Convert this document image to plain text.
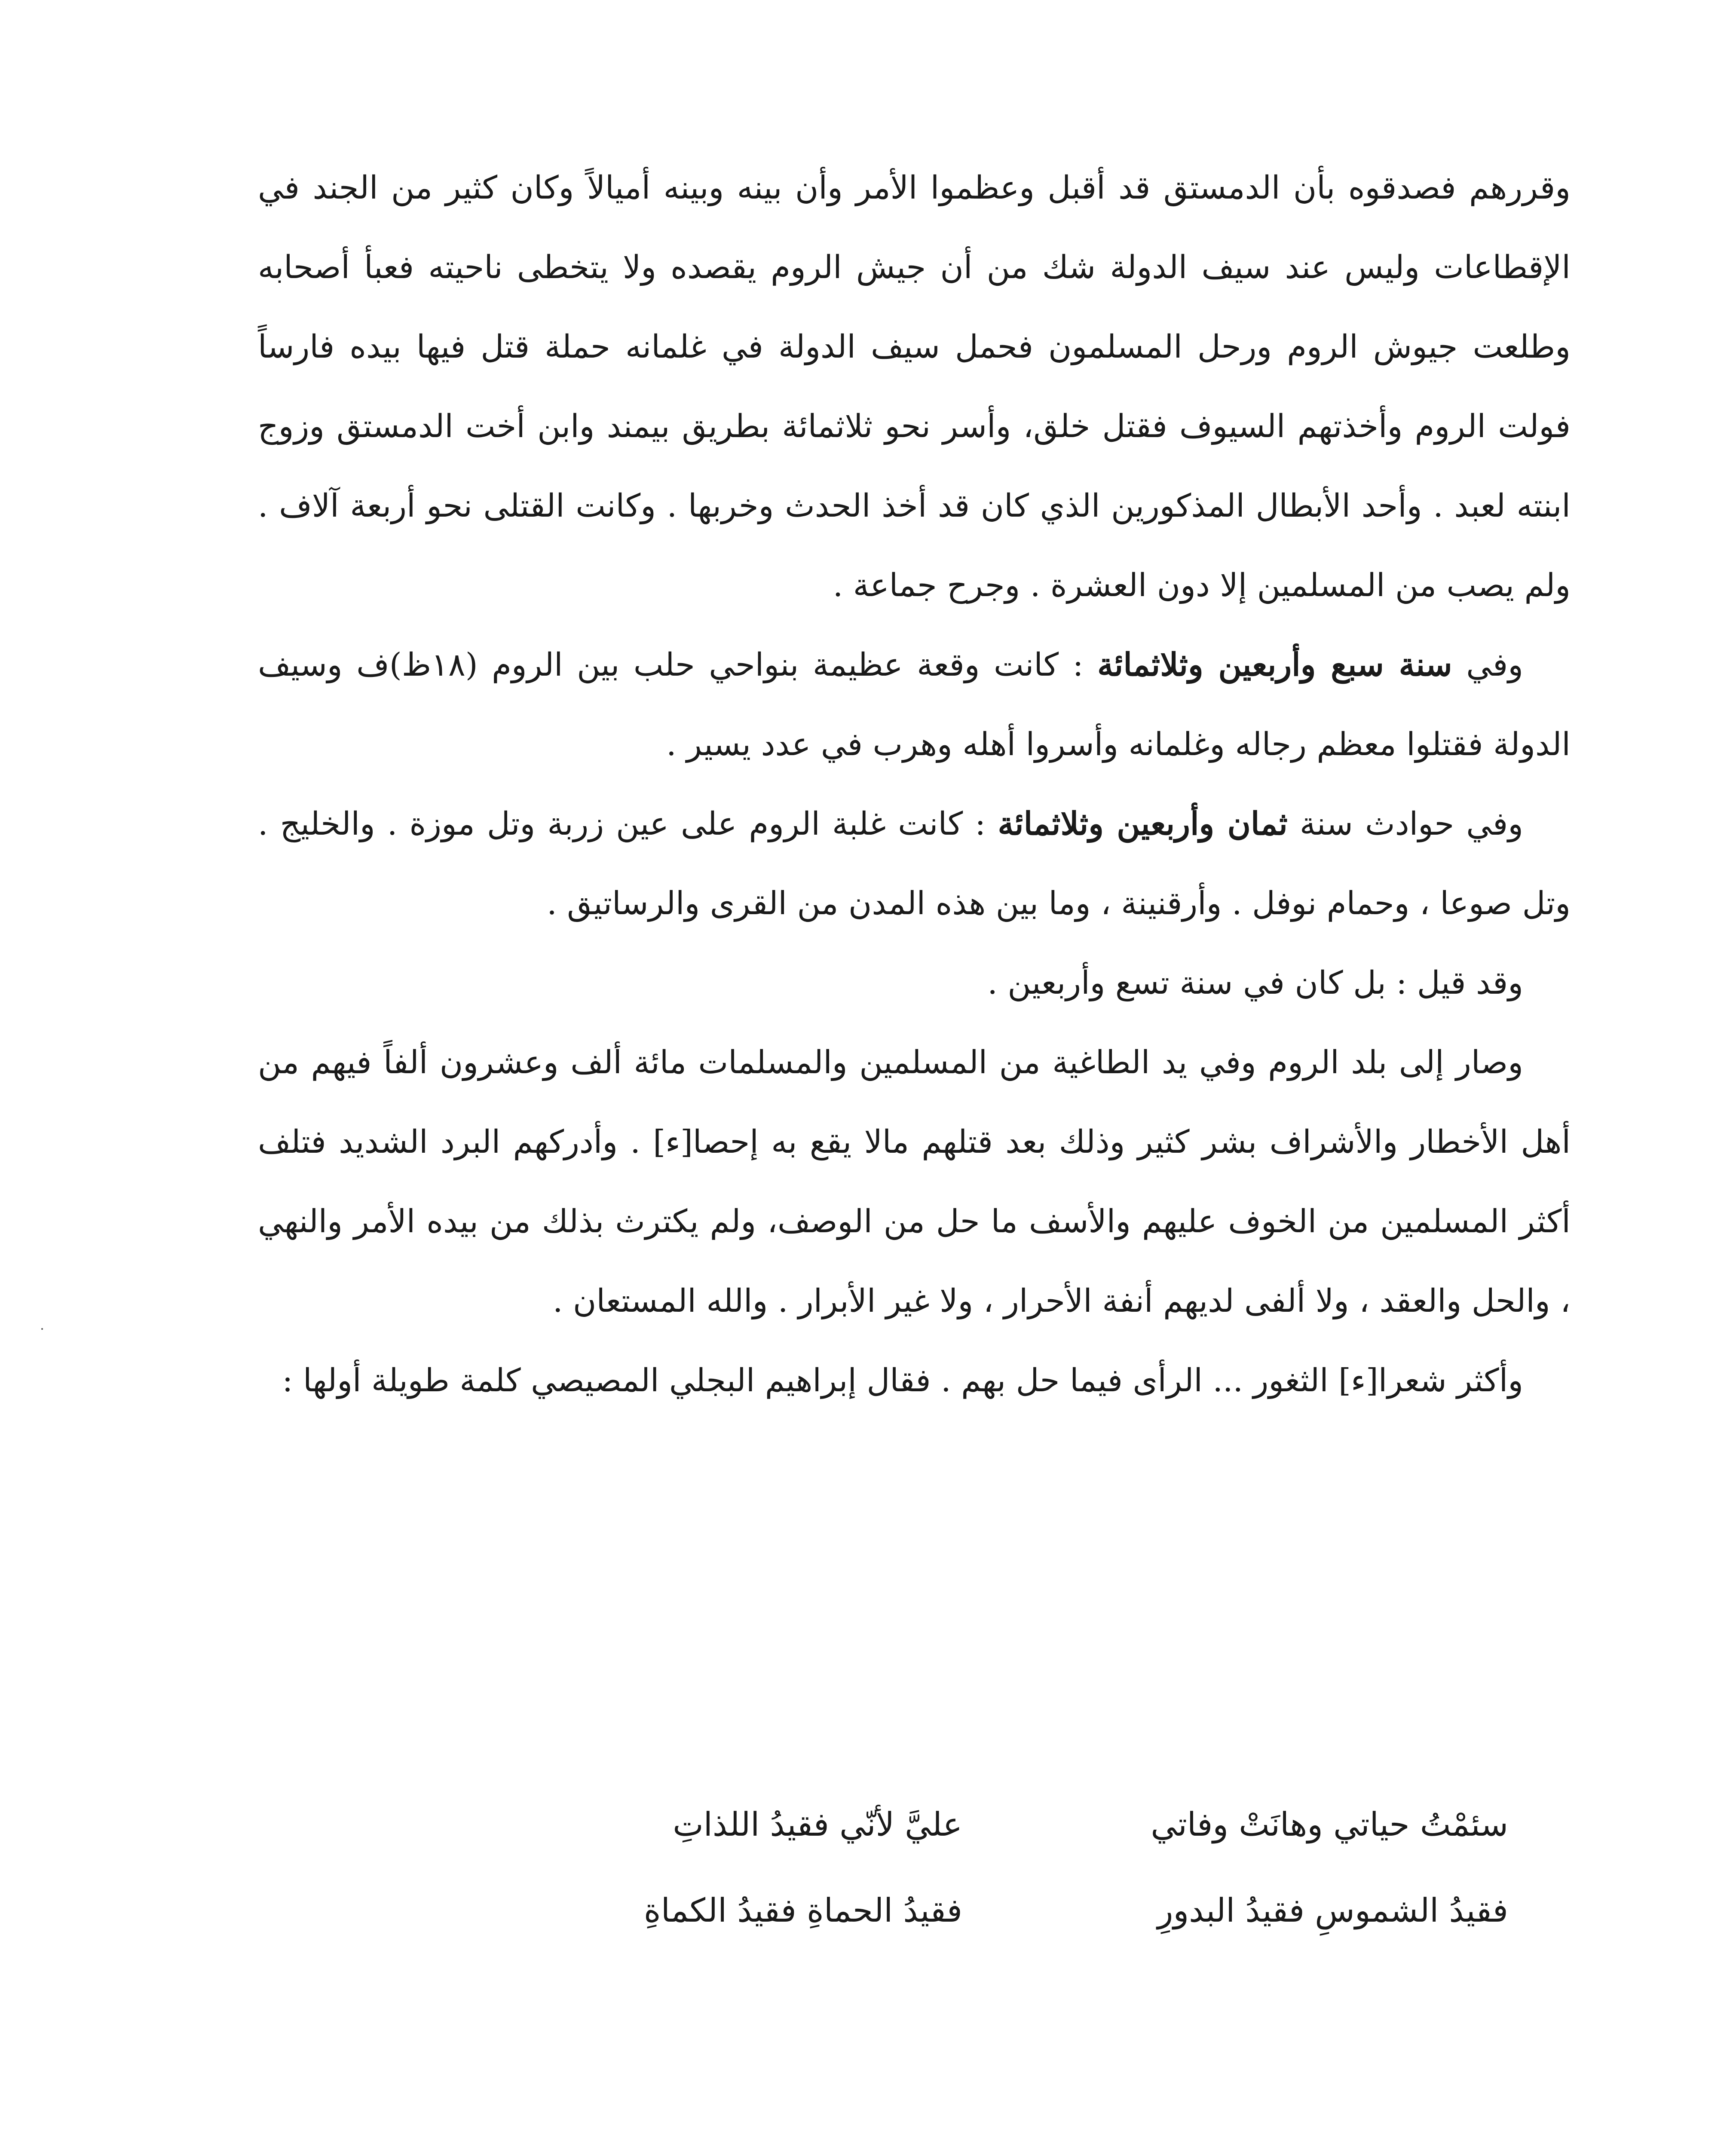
وقررهم فصدقوه بأن الدمستق قد أقبل وعظموا الأمر وأن بينه وبينه أميالاً وكان كثير من الجند في الإقطاعات وليس عند سيف الدولة شك من أن جيش الروم يقصده ولا يتخطى ناحيته فعبأ أصحابه وطلعت جيوش الروم ورحل المسلمون فحمل سيف الدولة في غلمانه حملة قتل فيها بيده فارساً فولت الروم وأخذتهم السيوف فقتل خلق، وأسر نحو ثلاثمائة بطريق بيمند وابن أخت الدمستق وزوج ابنته لعبد . وأحد الأبطال المذكورين الذي كان قد أخذ الحدث وخربها . وكانت القتلى نحو أربعة آلاف . ولم يصب من المسلمين إلا دون العشرة . وجرح جماعة .

وفي سنة سبع وأربعين وثلاثمائة : كانت وقعة عظيمة بنواحي حلب بين الروم (١٨ظ)ف وسيف الدولة فقتلوا معظم رجاله وغلمانه وأسروا أهله وهرب في عدد يسير .

وفي حوادث سنة ثمان وأربعين وثلاثمائة : كانت غلبة الروم على عين زربة وتل موزة . والخليج . وتل صوعا ، وحمام نوفل . وأرقنينة ، وما بين هذه المدن من القرى والرساتيق .

وقد قيل : بل كان في سنة تسع وأربعين .

وصار إلى بلد الروم وفي يد الطاغية من المسلمين والمسلمات مائة ألف وعشرون ألفاً فيهم من أهل الأخطار والأشراف بشر كثير وذلك بعد قتلهم مالا يقع به إحصا[ء] . وأدركهم البرد الشديد فتلف أكثر المسلمين من الخوف عليهم والأسف ما حل من الوصف، ولم يكترث بذلك من بيده الأمر والنهي ، والحل والعقد ، ولا ألفى لديهم أنفة الأحرار ، ولا غير الأبرار . والله المستعان .

وأكثر شعرا[ء] الثغور ... الرأى فيما حل بهم . فقال إبراهيم البجلي المصيصي كلمة طويلة أولها :

سئمْتُ حياتي وهانَتْ وفاتي
عليَّ لأنّي فقيدُ اللذاتِ
فقيدُ الشموسِ فقيدُ البدورِ
فقيدُ الحماةِ فقيدُ الكماةِ
